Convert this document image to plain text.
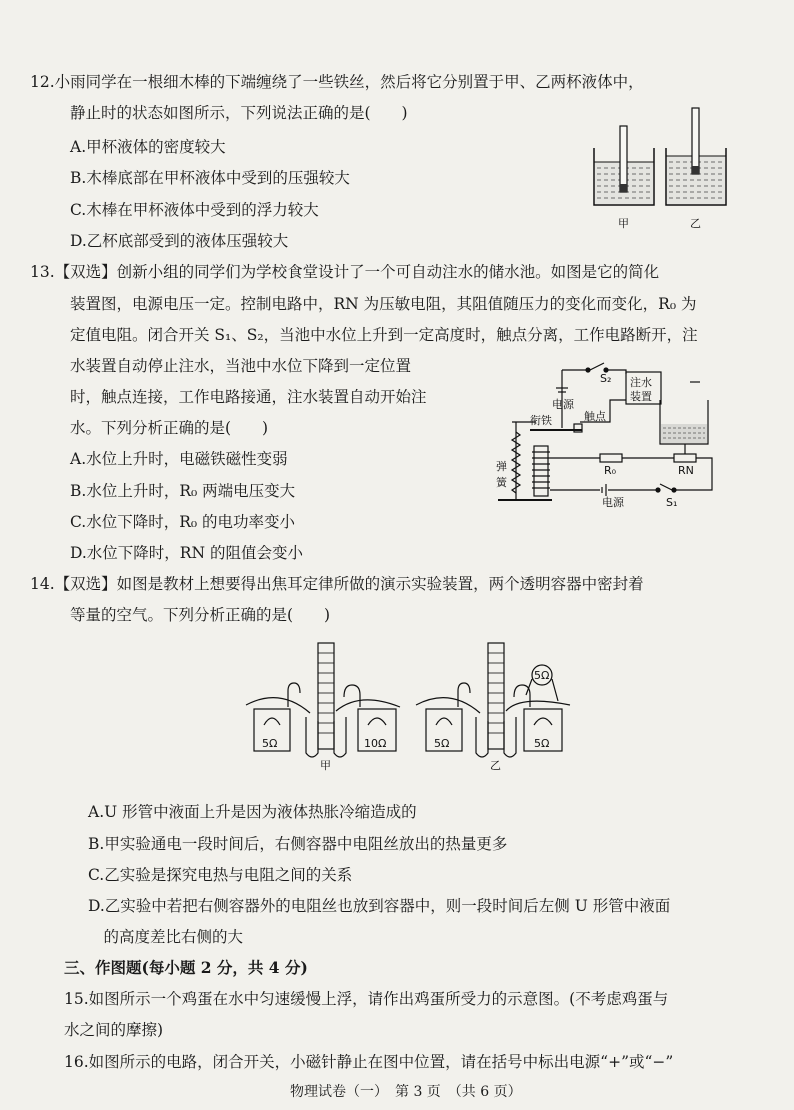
12.小雨同学在一根细木棒的下端缠绕了一些铁丝，然后将它分别置于甲、乙两杯液体中，
静止时的状态如图所示，下列说法正确的是(　　)
A.甲杯液体的密度较大
B.木棒底部在甲杯液体中受到的压强较大
C.木棒在甲杯液体中受到的浮力较大
D.乙杯底部受到的液体压强较大
甲	乙
13.【双选】创新小组的同学们为学校食堂设计了一个可自动注水的储水池。如图是它的简化
装置图，电源电压一定。控制电路中，RN 为压敏电阻，其阻值随压力的变化而变化，R₀ 为
定值电阻。闭合开关 S₁、S₂，当池中水位上升到一定高度时，触点分离，工作电路断开，注
水装置自动停止注水，当池中水位下降到一定位置
时，触点连接，工作电路接通，注水装置自动开始注
水。下列分析正确的是(　　)
A.水位上升时，电磁铁磁性变弱
B.水位上升时，R₀ 两端电压变大
C.水位下降时，R₀ 的电功率变小
D.水位下降时，RN 的阻值会变小
S₂ 注水
装置
电源
触点
衔铁
弹
簧
R₀	RN
电源	S₁
14.【双选】如图是教材上想要得出焦耳定律所做的演示实验装置，两个透明容器中密封着
等量的空气。下列分析正确的是(　　)
5Ω	10Ω
甲
5Ω	5Ω
5Ω
乙
A.U 形管中液面上升是因为液体热胀冷缩造成的
B.甲实验通电一段时间后，右侧容器中电阻丝放出的热量更多
C.乙实验是探究电热与电阻之间的关系
D.乙实验中若把右侧容器外的电阻丝也放到容器中，则一段时间后左侧 U 形管中液面
　的高度差比右侧的大
三、作图题(每小题 2 分，共 4 分)
15.如图所示一个鸡蛋在水中匀速缓慢上浮，请作出鸡蛋所受力的示意图。(不考虑鸡蛋与
水之间的摩擦)
16.如图所示的电路，闭合开关，小磁针静止在图中位置，请在括号中标出电源“+”或“−”
物理试卷（一）　第 3 页　（共 6 页）
